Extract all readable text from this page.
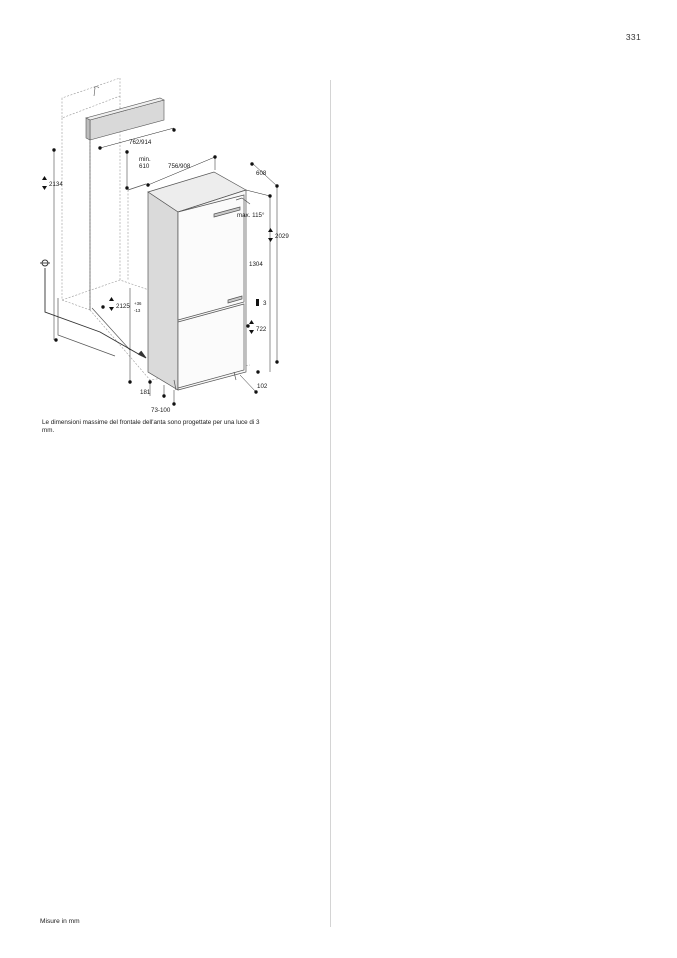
331
762/914
min.
610	756/908
608
2134
max. 115°
2029
1304
2125 +36
-13
3
722
181
102
73-100
Le dimensioni massime del frontale dell'anta sono progettate per una luce di 3 mm.
Misure in mm
